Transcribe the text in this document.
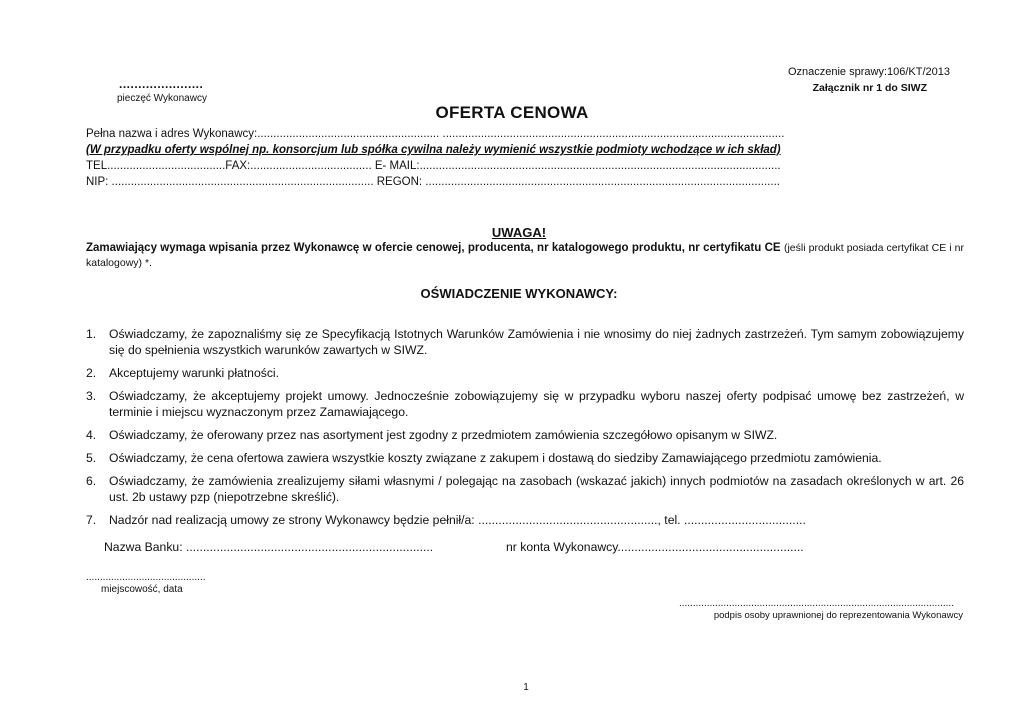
Oznaczenie sprawy:106/KT/2013
Załącznik nr 1 do SIWZ
......................
pieczęć Wykonawcy
OFERTA CENOWA
Pełna nazwa i adres Wykonawcy:......................................................... ...........................................................................................................
(W przypadku oferty wspólnej np. konsorcjum lub spółka cywilna należy wymienić wszystkie podmioty wchodzące w ich skład)
TEL.....................................FAX:...................................... E- MAIL:.................................................................................................................
NIP: .................................................................................. REGON: ...............................................................................................................
UWAGA!
Zamawiający wymaga wpisania przez Wykonawcę w ofercie cenowej, producenta, nr katalogowego produktu, nr certyfikatu CE (jeśli produkt posiada certyfikat CE i nr katalogowy) *.
OŚWIADCZENIE WYKONAWCY:
1. Oświadczamy, że zapoznaliśmy się ze Specyfikacją Istotnych Warunków Zamówienia i nie wnosimy do niej żadnych zastrzeżeń. Tym samym zobowiązujemy się do spełnienia wszystkich warunków zawartych w SIWZ.
2. Akceptujemy warunki płatności.
3. Oświadczamy, że akceptujemy projekt umowy. Jednocześnie zobowiązujemy się w przypadku wyboru naszej oferty podpisać umowę bez zastrzeżeń, w terminie i miejscu wyznaczonym przez Zamawiającego.
4. Oświadczamy, że oferowany przez nas asortyment jest zgodny z przedmiotem zamówienia szczegółowo opisanym w SIWZ.
5. Oświadczamy, że cena ofertowa zawiera wszystkie koszty związane z zakupem i dostawą do siedziby Zamawiającego przedmiotu zamówienia.
6. Oświadczamy, że zamówienia zrealizujemy siłami własnymi / polegając na zasobach (wskazać jakich) innych podmiotów na zasadach określonych w art. 26 ust. 2b ustawy pzp (niepotrzebne skreślić).
7. Nadzór nad realizacją umowy ze strony Wykonawcy będzie pełnił/a: ....................................................., tel. ....................................
Nazwa Banku: .........................................................................	nr konta Wykonawcy.......................................................
...........................................
miejscowość, data
...................................................................................................
podpis osoby uprawnionej do reprezentowania Wykonawcy
1
